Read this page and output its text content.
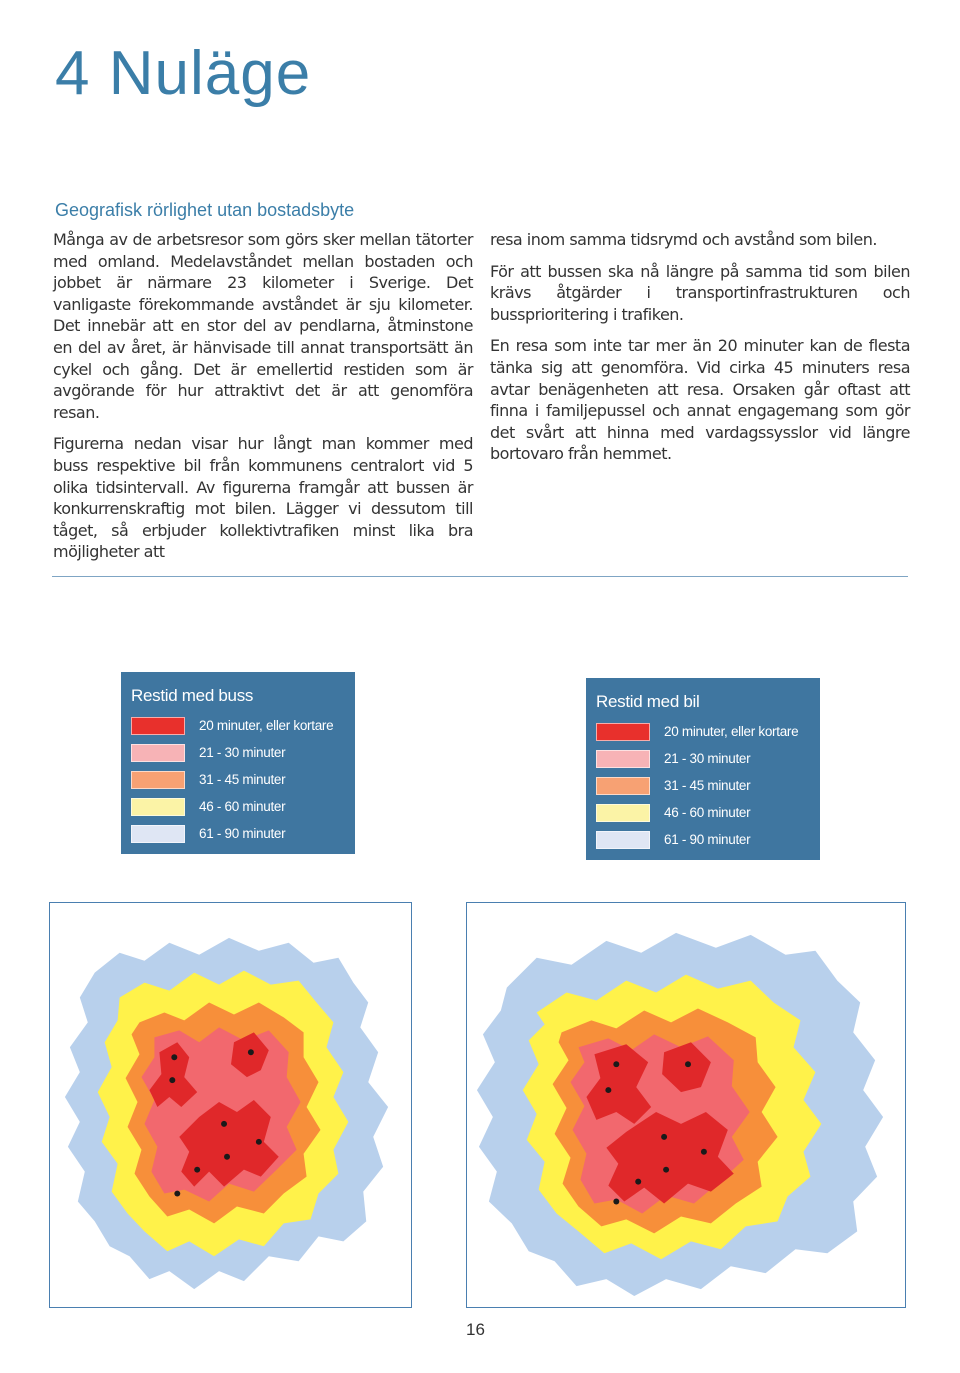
4 Nuläge
Geografisk rörlighet utan bostadsbyte

Många av de arbetsresor som görs sker mellan tätorter med omland. Medelavståndet mellan bostaden och jobbet är närmare 23 kilometer i Sverige. Det vanligaste förekommande avståndet är sju kilometer. Det innebär att en stor del av pendlarna, åtminstone en del av året, är hänvisade till annat transportsätt än cykel och gång. Det är emellertid restiden som är avgörande för hur attraktivt det är att genomföra resan.

Figurerna nedan visar hur långt man kommer med buss respektive bil från kommunens centralort vid 5 olika tidsintervall. Av figurerna framgår att bussen är konkurrenskraftig mot bilen. Lägger vi dessutom till tåget, så erbjuder kollektivtrafiken minst lika bra möjligheter att

resa inom samma tidsrymd och avstånd som bilen.

För att bussen ska nå längre på samma tid som bilen krävs åtgärder i transportinfrastrukturen och bussprioritering i trafiken.

En resa som inte tar mer än 20 minuter kan de flesta tänka sig att genomföra. Vid cirka 45 minuters resa avtar benägenheten att resa. Orsaken går oftast att finna i familjepussel och annat engagemang som gör det svårt att hinna med vardagssysslor vid längre bortovaro från hemmet.

Restid med buss
20 minuter, eller kortare
21 - 30 minuter
31 - 45 minuter
46 - 60 minuter
61 - 90 minuter
Restid med bil
20 minuter, eller kortare
21 - 30 minuter
31 - 45 minuter
46 - 60 minuter
61 - 90 minuter
16
